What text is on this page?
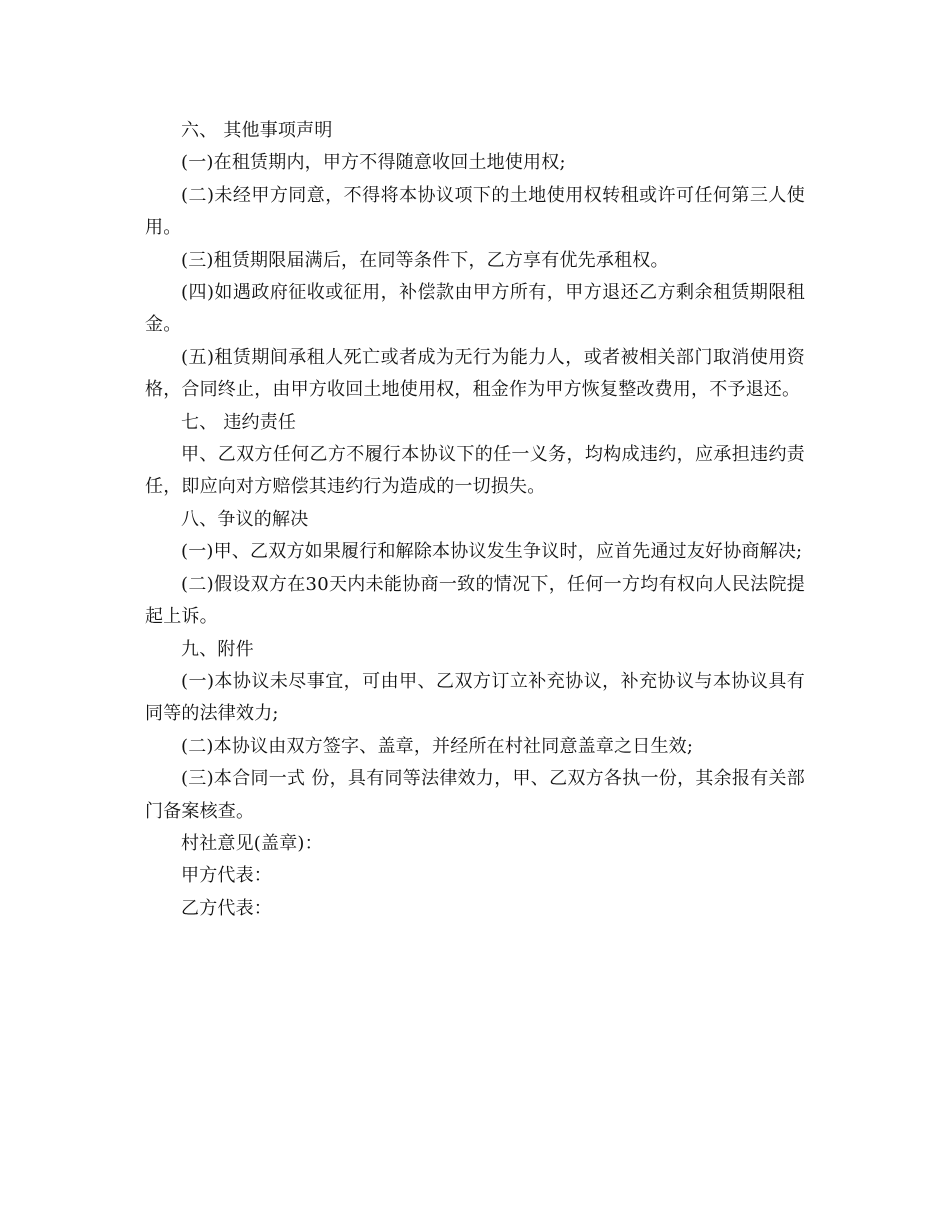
六、 其他事项声明

(一)在租赁期内，甲方不得随意收回土地使用权;

(二)未经甲方同意，不得将本协议项下的土地使用权转租或许可任何第三人使用。

(三)租赁期限届满后，在同等条件下，乙方享有优先承租权。

(四)如遇政府征收或征用，补偿款由甲方所有，甲方退还乙方剩余租赁期限租金。

(五)租赁期间承租人死亡或者成为无行为能力人，或者被相关部门取消使用资格，合同终止，由甲方收回土地使用权，租金作为甲方恢复整改费用，不予退还。

七、 违约责任

甲、乙双方任何乙方不履行本协议下的任一义务，均构成违约，应承担违约责任，即应向对方赔偿其违约行为造成的一切损失。

八、争议的解决

(一)甲、乙双方如果履行和解除本协议发生争议时，应首先通过友好协商解决;

(二)假设双方在30天内未能协商一致的情况下，任何一方均有权向人民法院提起上诉。

九、附件

(一)本协议未尽事宜，可由甲、乙双方订立补充协议，补充协议与本协议具有同等的法律效力;

(二)本协议由双方签字、盖章，并经所在村社同意盖章之日生效;

(三)本合同一式 份，具有同等法律效力，甲、乙双方各执一份，其余报有关部门备案核查。

村社意见(盖章)：

甲方代表：

乙方代表：
